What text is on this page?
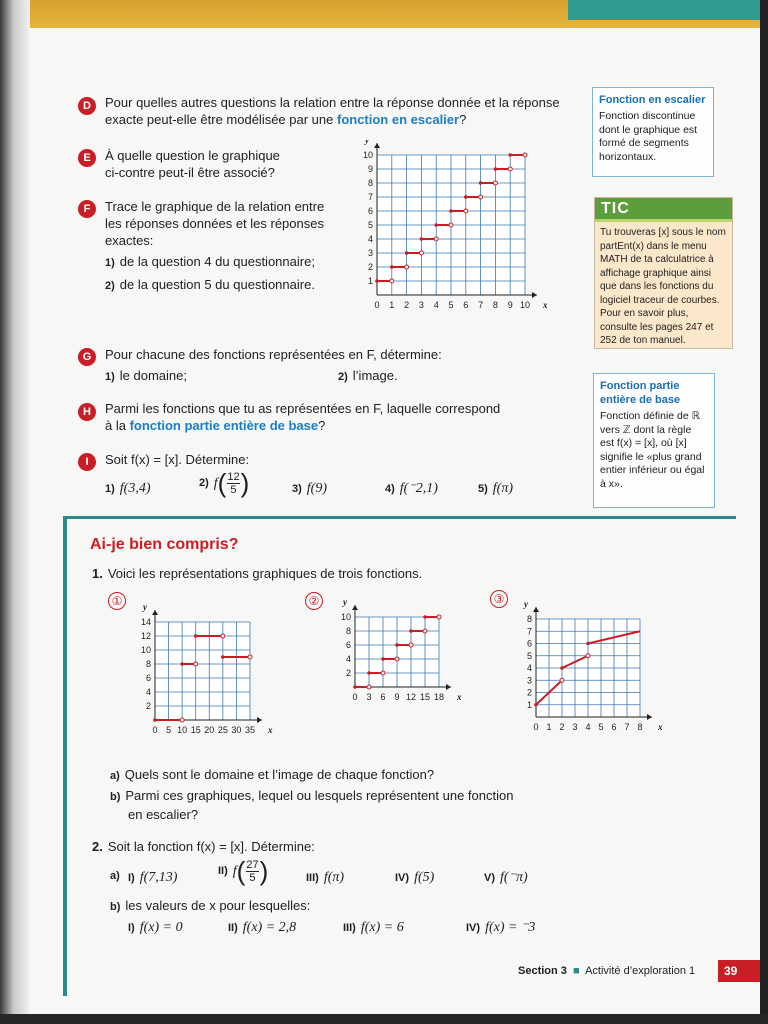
D	Pour quelles autres questions la relation entre la réponse donnée et la réponse
exacte peut-elle être modélisée par une fonction en escalier?
E	À quelle question le graphique
ci-contre peut-il être associé?
F	Trace le graphique de la relation entre
les réponses données et les réponses
exactes:
1) de la question 4 du questionnaire;
2) de la question 5 du questionnaire.
0 1 2 3 4 5 6 7 8 9 10
1
2
3
4
5
6
7
8
9
10
x
y
G	Pour chacune des fonctions représentées en F, détermine:
1) le domaine;	2) l’image.
H	Parmi les fonctions que tu as représentées en F, laquelle correspond
à la fonction partie entière de base?
I	Soit f(x) = [x]. Détermine:
1) f(3,4)	2) f ( 12
5 )	3) f(9)	4) f(⁻2,1)	5) f(π)
Fonction en escalier
Fonction discontinue dont le graphique est formé de segments horizontaux.
TIC
Tu trouveras [x] sous le nom partEnt(x) dans le menu MATH de ta calculatrice à affichage graphique ainsi que dans les fonctions du logiciel traceur de courbes. Pour en savoir plus, consulte les pages 247 et 252 de ton manuel.
Fonction partie entière de base
Fonction définie de ℝ vers ℤ dont la règle est f(x) = [x], où [x] signifie le «plus grand entier inférieur ou égal à x».
Ai-je bien compris?
1. Voici les représentations graphiques de trois fonctions.
①	②	③
0 5 10 15 20 25 30 35
2
4
6
8
10
12
14
x
y
0 3 6 9 12 15 18
2
4
6
8
10
x
y
0 1 2 3 4 5 6 7 8
1
2
3
4
5
6
7
8
x
y
a) Quels sont le domaine et l’image de chaque fonction?
b) Parmi ces graphiques, lequel ou lesquels représentent une fonction
en escalier?
2. Soit la fonction f(x) = [x]. Détermine:
a) I) f(7,13)	II) f ( 27
5 )	III) f(π)	IV) f(5)	V) f(⁻π)
b) les valeurs de x pour lesquelles:
I) f(x) = 0	II) f(x) = 2,8	III) f(x) = 6	IV) f(x) = ⁻3
Section 3 ■ Activité d’exploration 1	39
